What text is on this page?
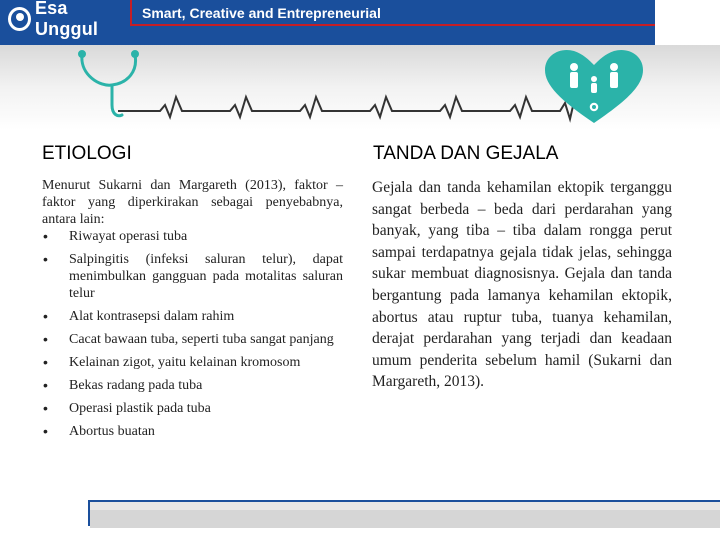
Esa Unggul
Smart, Creative and Entrepreneurial
ETIOLOGI

Menurut Sukarni dan Margareth (2013), faktor – faktor yang diperkirakan sebagai penyebabnya, antara lain:

• Riwayat operasi tuba
• Salpingitis (infeksi saluran telur), dapat menimbulkan gangguan pada motalitas saluran telur
• Alat kontrasepsi dalam rahim
• Cacat bawaan tuba, seperti tuba sangat panjang
• Kelainan zigot, yaitu kelainan kromosom
• Bekas radang pada tuba
• Operasi plastik pada tuba
• Abortus buatan
TANDA DAN GEJALA

Gejala dan tanda kehamilan ektopik terganggu sangat berbeda – beda dari perdarahan yang banyak, yang tiba – tiba dalam rongga perut sampai terdapatnya gejala tidak jelas, sehingga sukar membuat diagnosisnya. Gejala dan tanda bergantung pada lamanya kehamilan ektopik, abortus atau ruptur tuba, tuanya kehamilan, derajat perdarahan yang terjadi dan keadaan umum penderita sebelum hamil (Sukarni dan Margareth, 2013).
